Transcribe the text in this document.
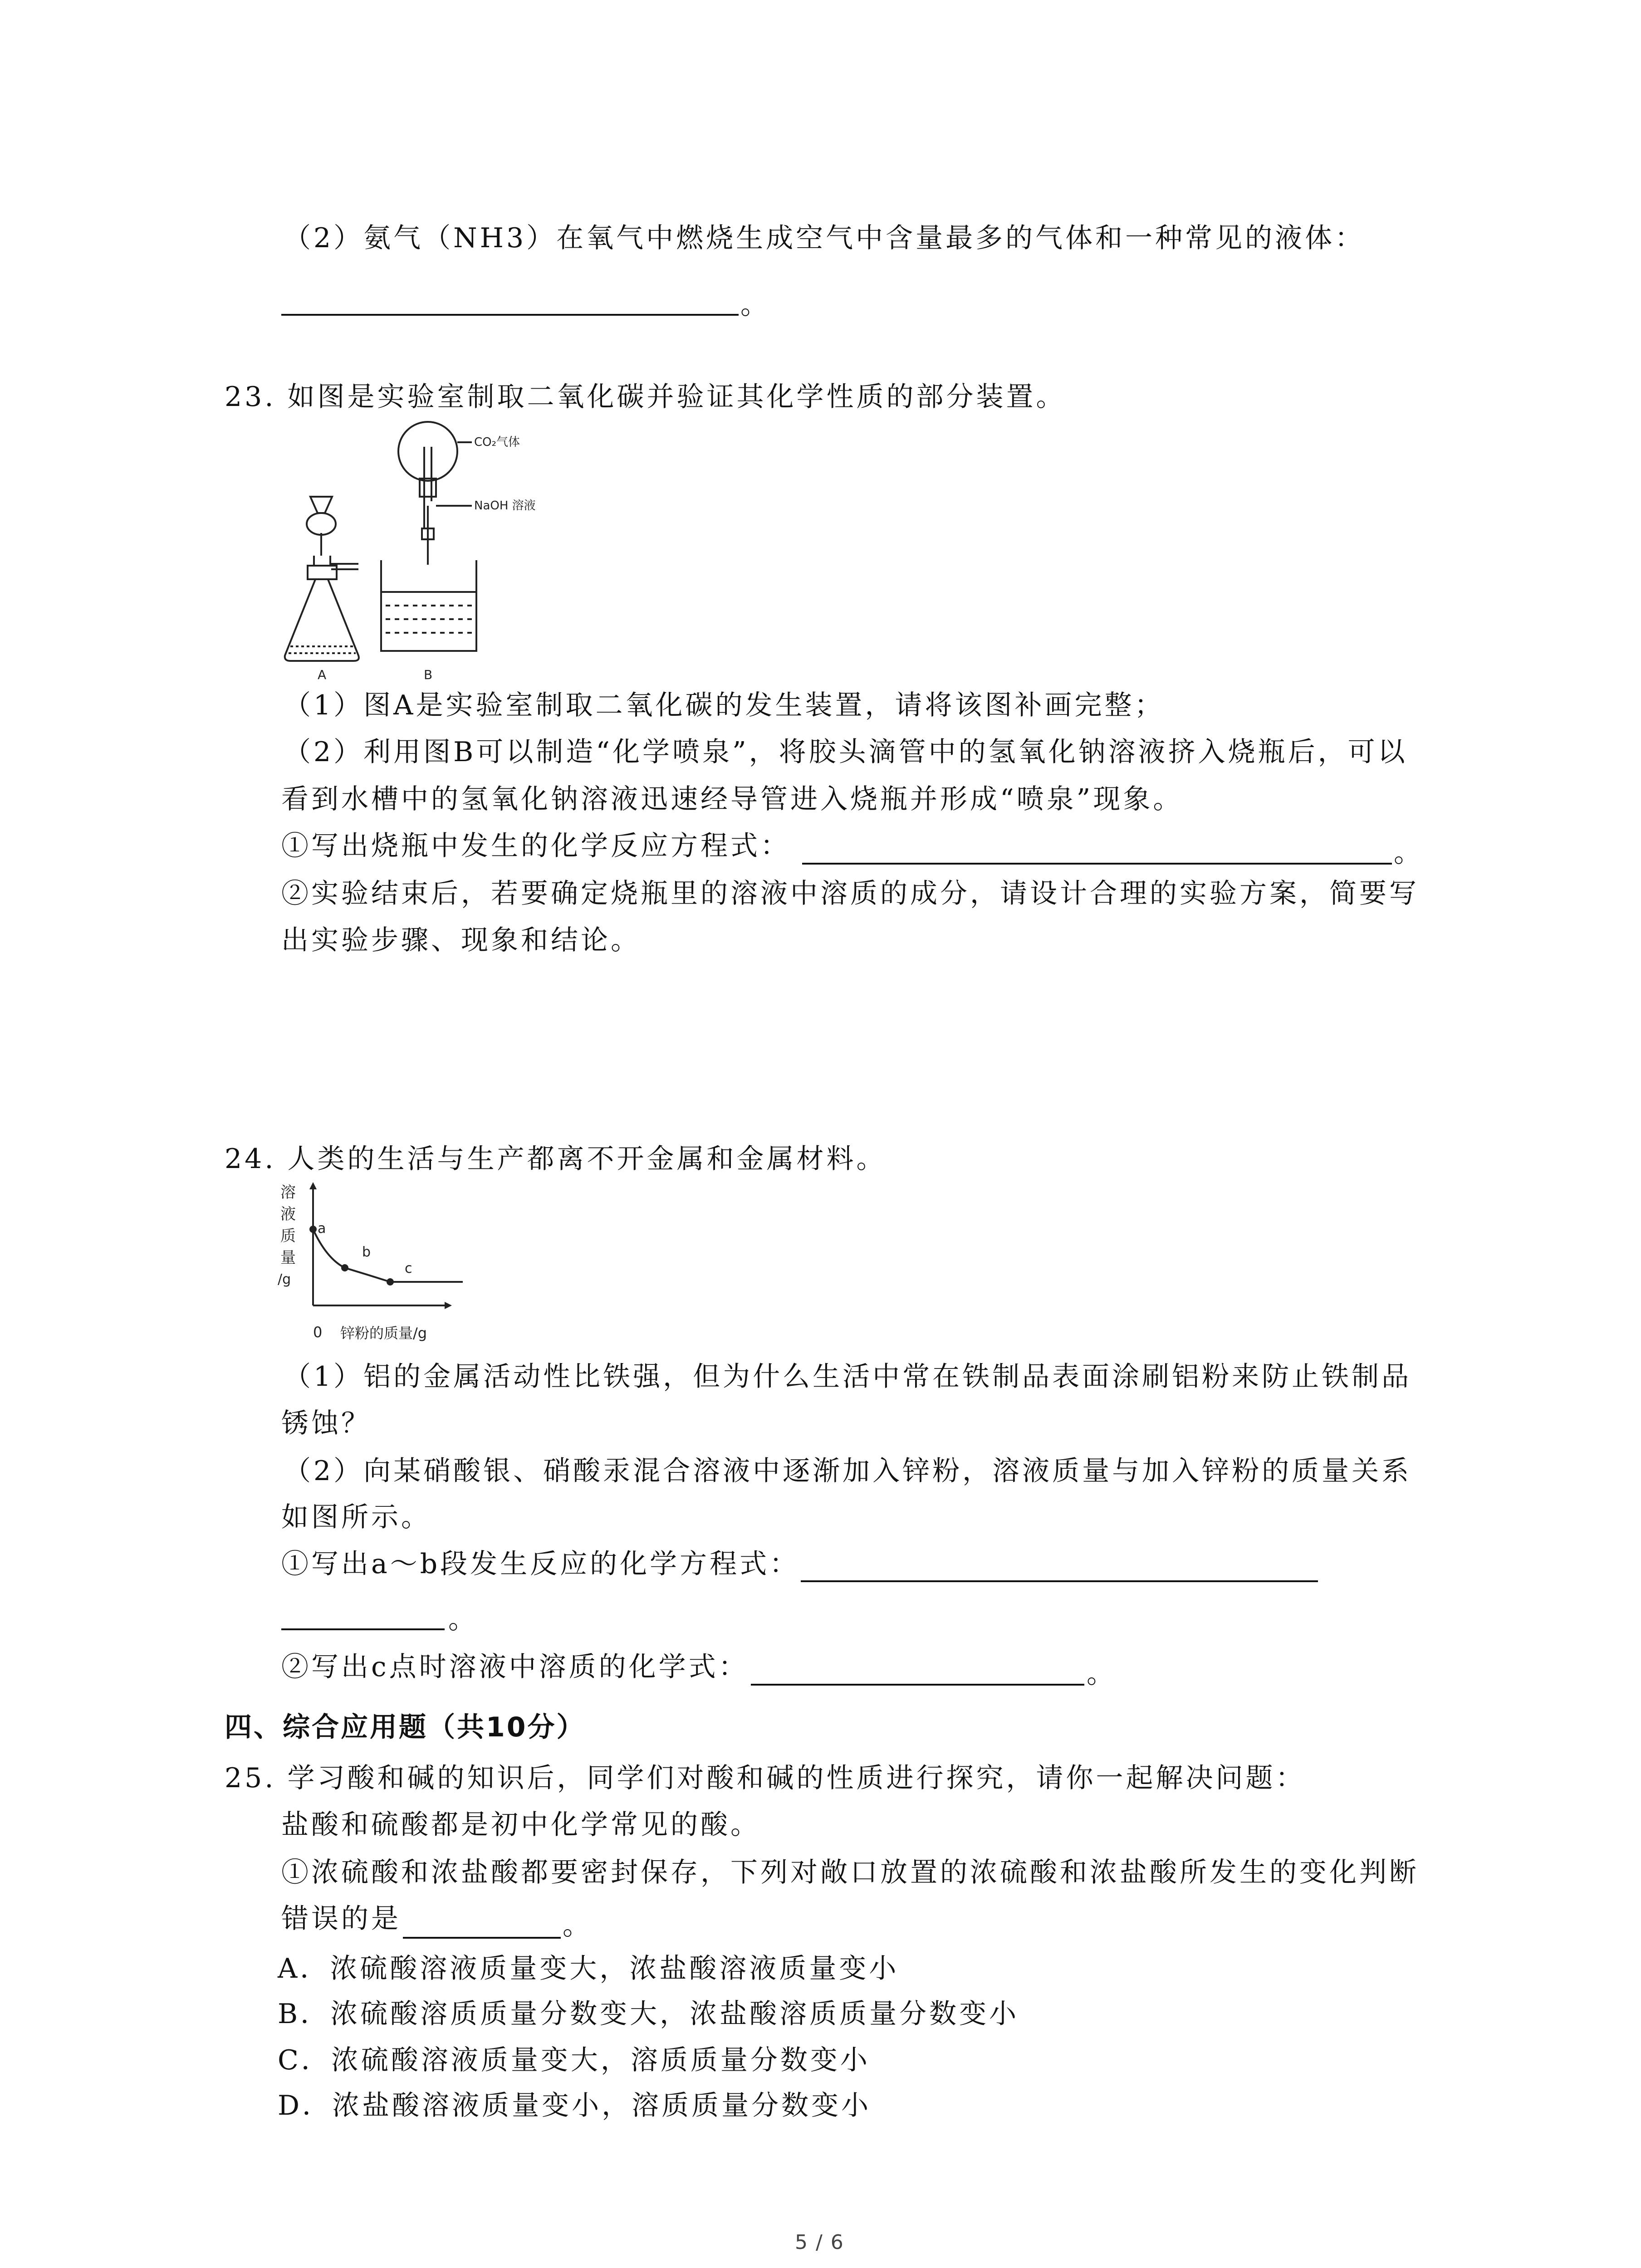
（2）氨气（NH3）在氧气中燃烧生成空气中含量最多的气体和一种常见的液体：
。
23. 如图是实验室制取二氧化碳并验证其化学性质的部分装置。
CO₂气体
NaOH 溶液
A	B
（1）图A是实验室制取二氧化碳的发生装置，请将该图补画完整；
（2）利用图B可以制造“化学喷泉”，将胶头滴管中的氢氧化钠溶液挤入烧瓶后，可以
看到水槽中的氢氧化钠溶液迅速经导管进入烧瓶并形成“喷泉”现象。
①写出烧瓶中发生的化学反应方程式：	。
②实验结束后，若要确定烧瓶里的溶液中溶质的成分，请设计合理的实验方案，简要写
出实验步骤、现象和结论。
24. 人类的生活与生产都离不开金属和金属材料。
溶
液
质
量
/g
a
b
c
0 锌粉的质量/g
（1）铝的金属活动性比铁强，但为什么生活中常在铁制品表面涂刷铝粉来防止铁制品
锈蚀？
（2）向某硝酸银、硝酸汞混合溶液中逐渐加入锌粉，溶液质量与加入锌粉的质量关系
如图所示。
①写出a～b段发生反应的化学方程式：
。
②写出c点时溶液中溶质的化学式：	。
四、综合应用题（共10分）
25. 学习酸和碱的知识后，同学们对酸和碱的性质进行探究，请你一起解决问题：
盐酸和硫酸都是初中化学常见的酸。
①浓硫酸和浓盐酸都要密封保存，下列对敞口放置的浓硫酸和浓盐酸所发生的变化判断
错误的是	。
A．浓硫酸溶液质量变大，浓盐酸溶液质量变小
B．浓硫酸溶质质量分数变大，浓盐酸溶质质量分数变小
C．浓硫酸溶液质量变大，溶质质量分数变小
D．浓盐酸溶液质量变小，溶质质量分数变小
5 / 6
